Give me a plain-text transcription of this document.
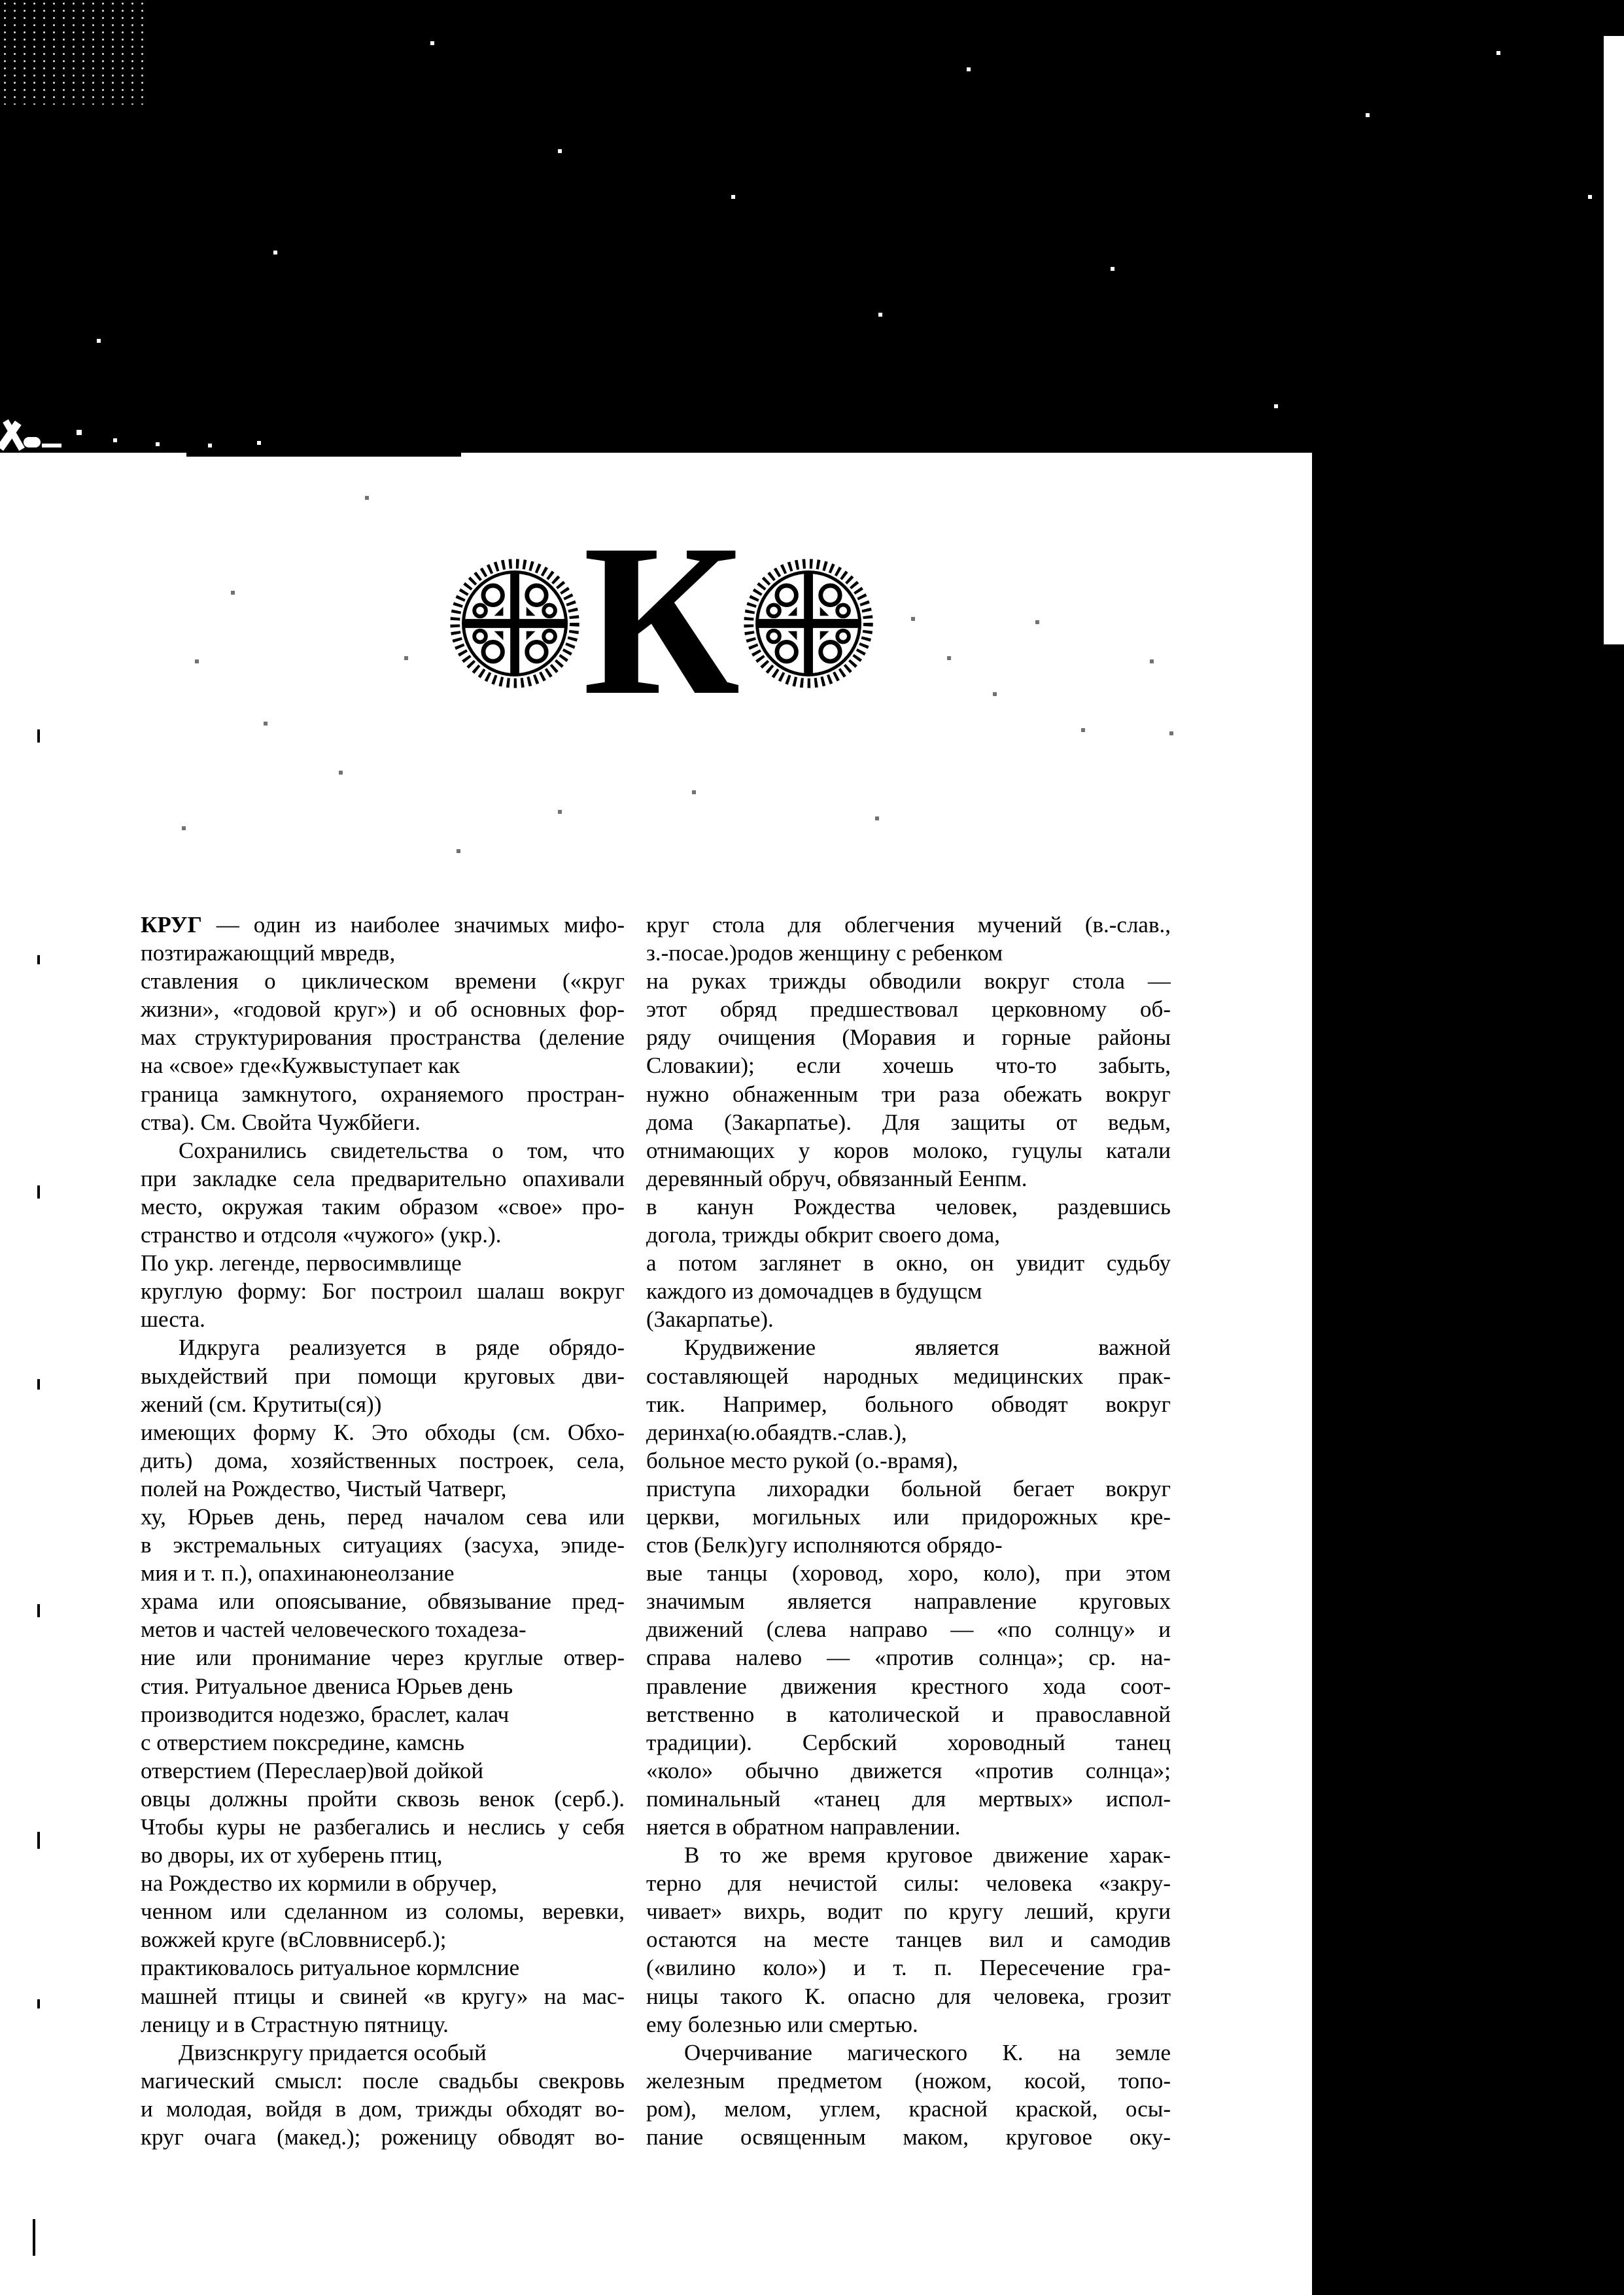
К
КРУГ — один из наиболее значимых мифо-
позтиражающций мвредв,
ставления о циклическом времени («круг
жизни», «годовой круг») и об основных фор-
мах структурирования пространства (деление
на «свое» где«Кужвыступает как
граница замкнутого, охраняемого простран-
ства). См. Свойта Чужбйеги.
Сохранились свидетельства о том, что
при закладке села предварительно опахивали
место, окружая таким образом «свое» про-
странство и отдсоля «чужого» (укр.).
По укр. легенде, первосимвлище
круглую форму: Бог построил шалаш вокруг
шеста.
Идкруга реализуется в ряде обрядо-
выхдействий при помощи круговых дви-
жений (см. Крутиты(ся))
имеющих форму К. Это обходы (см. Обхо-
дить) дома, хозяйственных построек, села,
полей на Рождество, Чистый Чатверг,
ху, Юрьев день, перед началом сева или
в экстремальных ситуациях (засуха, эпиде-
мия и т. п.), опахинаюнеолзание
храма или опоясывание, обвязывание пред-
метов и частей человеческого тохадеза-
ние или пронимание через круглые отвер-
стия. Ритуальное двениса Юрьев день
производится нодезжо, браслет, калач
с отверстием поксредине, камснь
отверстием (Переслаер)вой дойкой
овцы должны пройти сквозь венок (серб.).
Чтобы куры не разбегались и неслись у себя
во дворы, их от хуберень птиц,
на Рождество их кормили в обручер,
ченном или сделанном из соломы, веревки,
вожжей круге (вСловвнисерб.);
практиковалось ритуальное кормлсние
машней птицы и свиней «в кругу» на мас-
леницу и в Страстную пятницу.
Двизснкругу придается особый
магический смысл: после свадьбы свекровь
и молодая, войдя в дом, трижды обходят во-
круг очага (макед.); роженицу обводят во-
круг стола для облегчения мучений (в.-слав.,
з.-посае.)родов женщину с ребенком
на руках трижды обводили вокруг стола —
этот обряд предшествовал церковному об-
ряду очищения (Моравия и горные районы
Словакии); если хочешь что-то забыть,
нужно обнаженным три раза обежать вокруг
дома (Закарпатье). Для защиты от ведьм,
отнимающих у коров молоко, гуцулы катали
деревянный обруч, обвязанный Еенпм.
в канун Рождества человек, раздевшись
догола, трижды обкрит своего дома,
а потом заглянет в окно, он увидит судьбу
каждого из домочадцев в будущсм
(Закарпатье).
Крудвижение является важной
составляющей народных медицинских прак-
тик. Например, больного обводят вокруг
деринха(ю.обаядтв.-слав.),
больное место рукой (о.-врамя),
приступа лихорадки больной бегает вокруг
церкви, могильных или придорожных кре-
стов (Белк)угу исполняются обрядо-
вые танцы (хоровод, хоро, коло), при этом
значимым является направление круговых
движений (слева направо — «по солнцу» и
справа налево — «против солнца»; ср. на-
правление движения крестного хода соот-
ветственно в католической и православной
традиции). Сербский хороводный танец
«коло» обычно движется «против солнца»;
поминальный «танец для мертвых» испол-
няется в обратном направлении.
В то же время круговое движение харак-
терно для нечистой силы: человека «закру-
чивает» вихрь, водит по кругу леший, круги
остаются на месте танцев вил и самодив
(«вилино коло») и т. п. Пересечение гра-
ницы такого К. опасно для человека, грозит
ему болезнью или смертью.
Очерчивание магического К. на земле
железным предметом (ножом, косой, топо-
ром), мелом, углем, красной краской, осы-
пание освященным маком, круговое оку-
